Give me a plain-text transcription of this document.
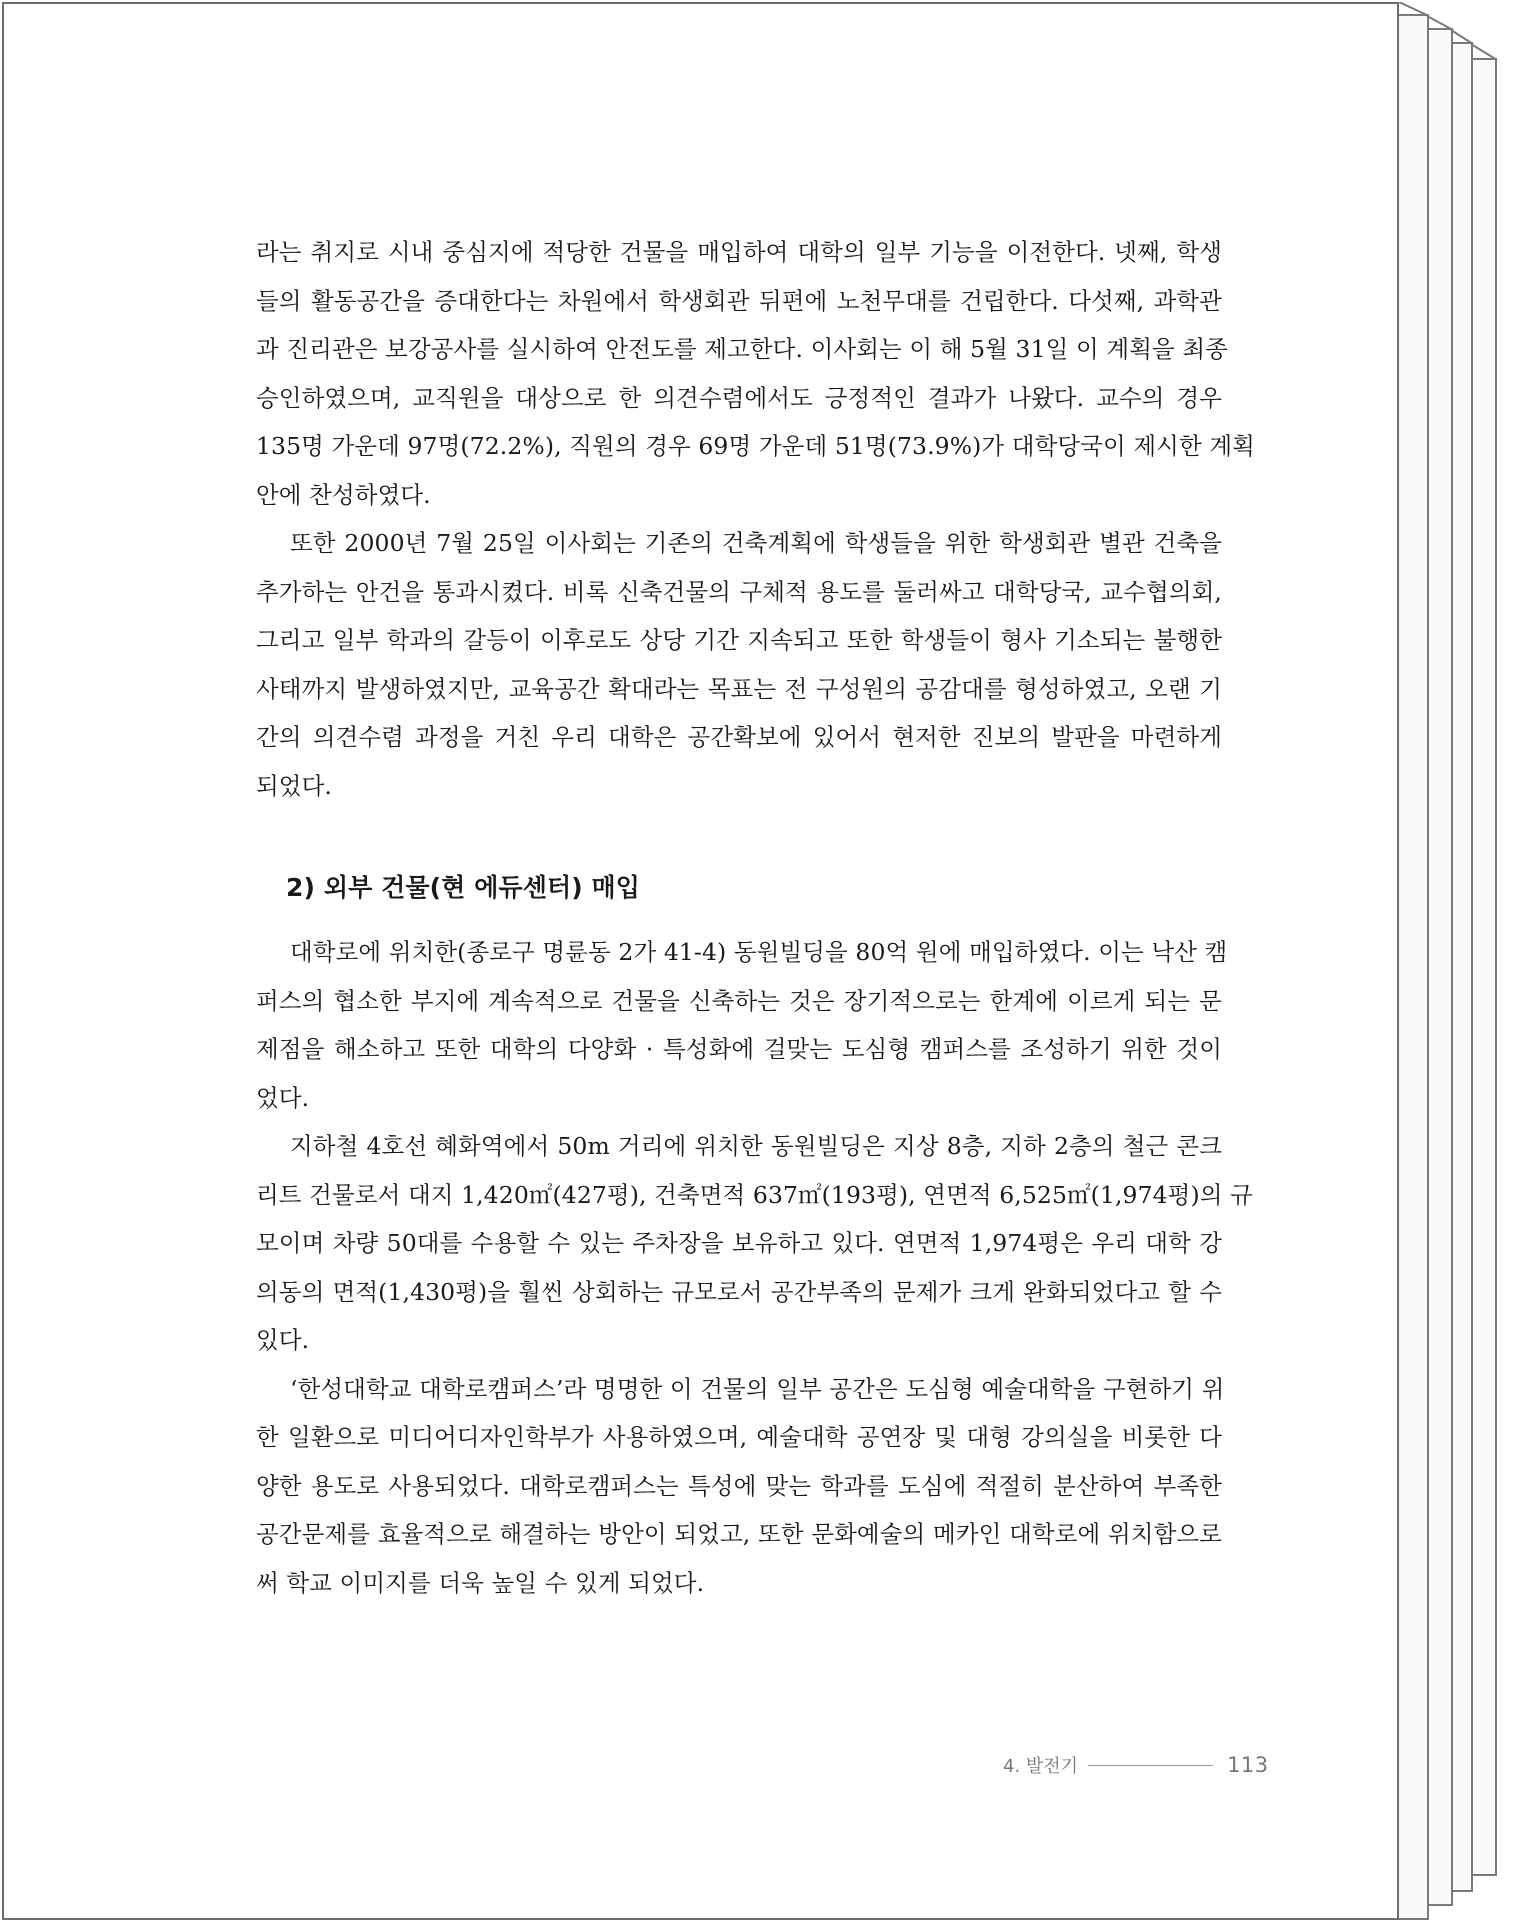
라는 취지로 시내 중심지에 적당한 건물을 매입하여 대학의 일부 기능을 이전한다. 넷째, 학생
들의 활동공간을 증대한다는 차원에서 학생회관 뒤편에 노천무대를 건립한다. 다섯째, 과학관
과 진리관은 보강공사를 실시하여 안전도를 제고한다. 이사회는 이 해 5월 31일 이 계획을 최종
승인하였으며, 교직원을 대상으로 한 의견수렴에서도 긍정적인 결과가 나왔다. 교수의 경우
135명 가운데 97명(72.2%), 직원의 경우 69명 가운데 51명(73.9%)가 대학당국이 제시한 계획
안에 찬성하였다.
또한 2000년 7월 25일 이사회는 기존의 건축계획에 학생들을 위한 학생회관 별관 건축을
추가하는 안건을 통과시켰다. 비록 신축건물의 구체적 용도를 둘러싸고 대학당국, 교수협의회,
그리고 일부 학과의 갈등이 이후로도 상당 기간 지속되고 또한 학생들이 형사 기소되는 불행한
사태까지 발생하였지만, 교육공간 확대라는 목표는 전 구성원의 공감대를 형성하였고, 오랜 기
간의 의견수렴 과정을 거친 우리 대학은 공간확보에 있어서 현저한 진보의 발판을 마련하게
되었다.
2) 외부 건물(현 에듀센터) 매입
대학로에 위치한(종로구 명륜동 2가 41-4) 동원빌딩을 80억 원에 매입하였다. 이는 낙산 캠
퍼스의 협소한 부지에 계속적으로 건물을 신축하는 것은 장기적으로는 한계에 이르게 되는 문
제점을 해소하고 또한 대학의 다양화 · 특성화에 걸맞는 도심형 캠퍼스를 조성하기 위한 것이
었다.
지하철 4호선 혜화역에서 50m 거리에 위치한 동원빌딩은 지상 8층, 지하 2층의 철근 콘크
리트 건물로서 대지 1,420㎡(427평), 건축면적 637㎡(193평), 연면적 6,525㎡(1,974평)의 규
모이며 차량 50대를 수용할 수 있는 주차장을 보유하고 있다. 연면적 1,974평은 우리 대학 강
의동의 면적(1,430평)을 훨씬 상회하는 규모로서 공간부족의 문제가 크게 완화되었다고 할 수
있다.
‘한성대학교 대학로캠퍼스’라 명명한 이 건물의 일부 공간은 도심형 예술대학을 구현하기 위
한 일환으로 미디어디자인학부가 사용하였으며, 예술대학 공연장 및 대형 강의실을 비롯한 다
양한 용도로 사용되었다. 대학로캠퍼스는 특성에 맞는 학과를 도심에 적절히 분산하여 부족한
공간문제를 효율적으로 해결하는 방안이 되었고, 또한 문화예술의 메카인 대학로에 위치함으로
써 학교 이미지를 더욱 높일 수 있게 되었다.
4. 발전기	113
